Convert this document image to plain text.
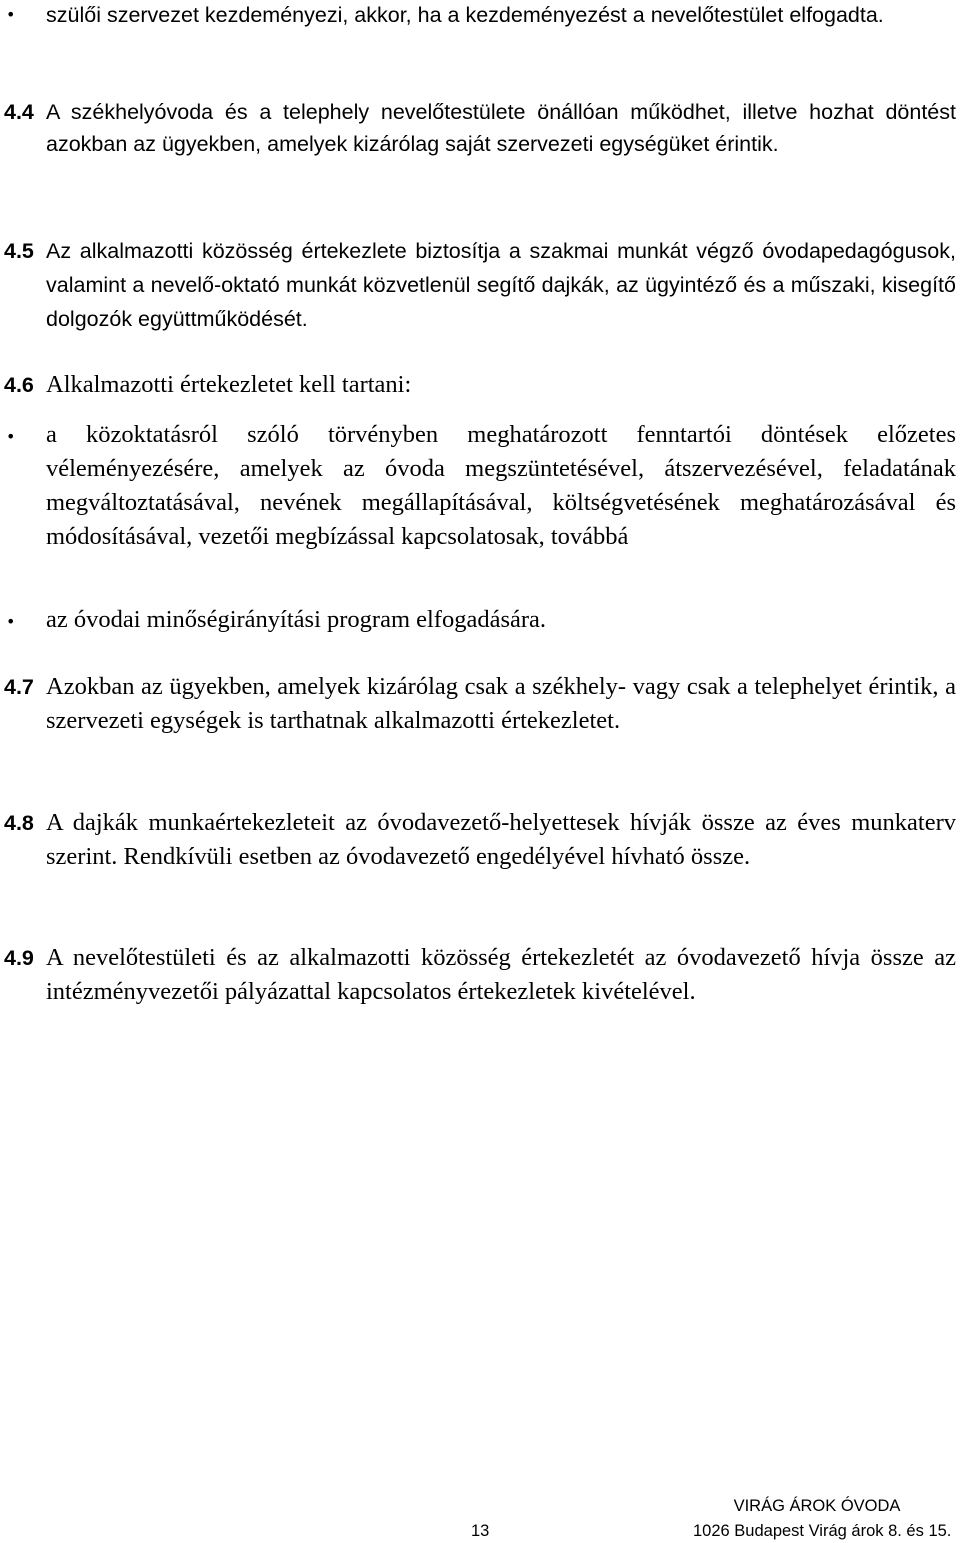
•	szülői szervezet kezdeményezi, akkor, ha a kezdeményezést a nevelőtestület elfogadta.
4.4 A székhelyóvoda és a telephely nevelőtestülete önállóan működhet, illetve hozhat döntést azokban az ügyekben, amelyek kizárólag saját szervezeti egységüket érintik.
4.5 Az alkalmazotti közösség értekezlete biztosítja a szakmai munkát végző óvodapedagógusok, valamint a nevelő-oktató munkát közvetlenül segítő dajkák, az ügyintéző és a műszaki, kisegítő dolgozók együttműködését.
4.6 Alkalmazotti értekezletet kell tartani:
•	a közoktatásról szóló törvényben meghatározott fenntartói döntések előzetes véleményezésére, amelyek az óvoda megszüntetésével, átszervezésével, feladatának megváltoztatásával, nevének megállapításával, költségvetésének meghatározásával és módosításával, vezetői megbízással kapcsolatosak, továbbá
•	az óvodai minőségirányítási program elfogadására.
4.7 Azokban az ügyekben, amelyek kizárólag csak a székhely- vagy csak a telephelyet érintik, a szervezeti egységek is tarthatnak alkalmazotti értekezletet.
4.8 A dajkák munkaértekezleteit az óvodavezető-helyettesek hívják össze az éves munkaterv szerint. Rendkívüli esetben az óvodavezető engedélyével hívható össze.
4.9 A nevelőtestületi és az alkalmazotti közösség értekezletét az óvodavezető hívja össze az intézményvezetői pályázattal kapcsolatos értekezletek kivételével.
13
VIRÁG ÁROK ÓVODA
1026 Budapest Virág árok 8. és 15.
